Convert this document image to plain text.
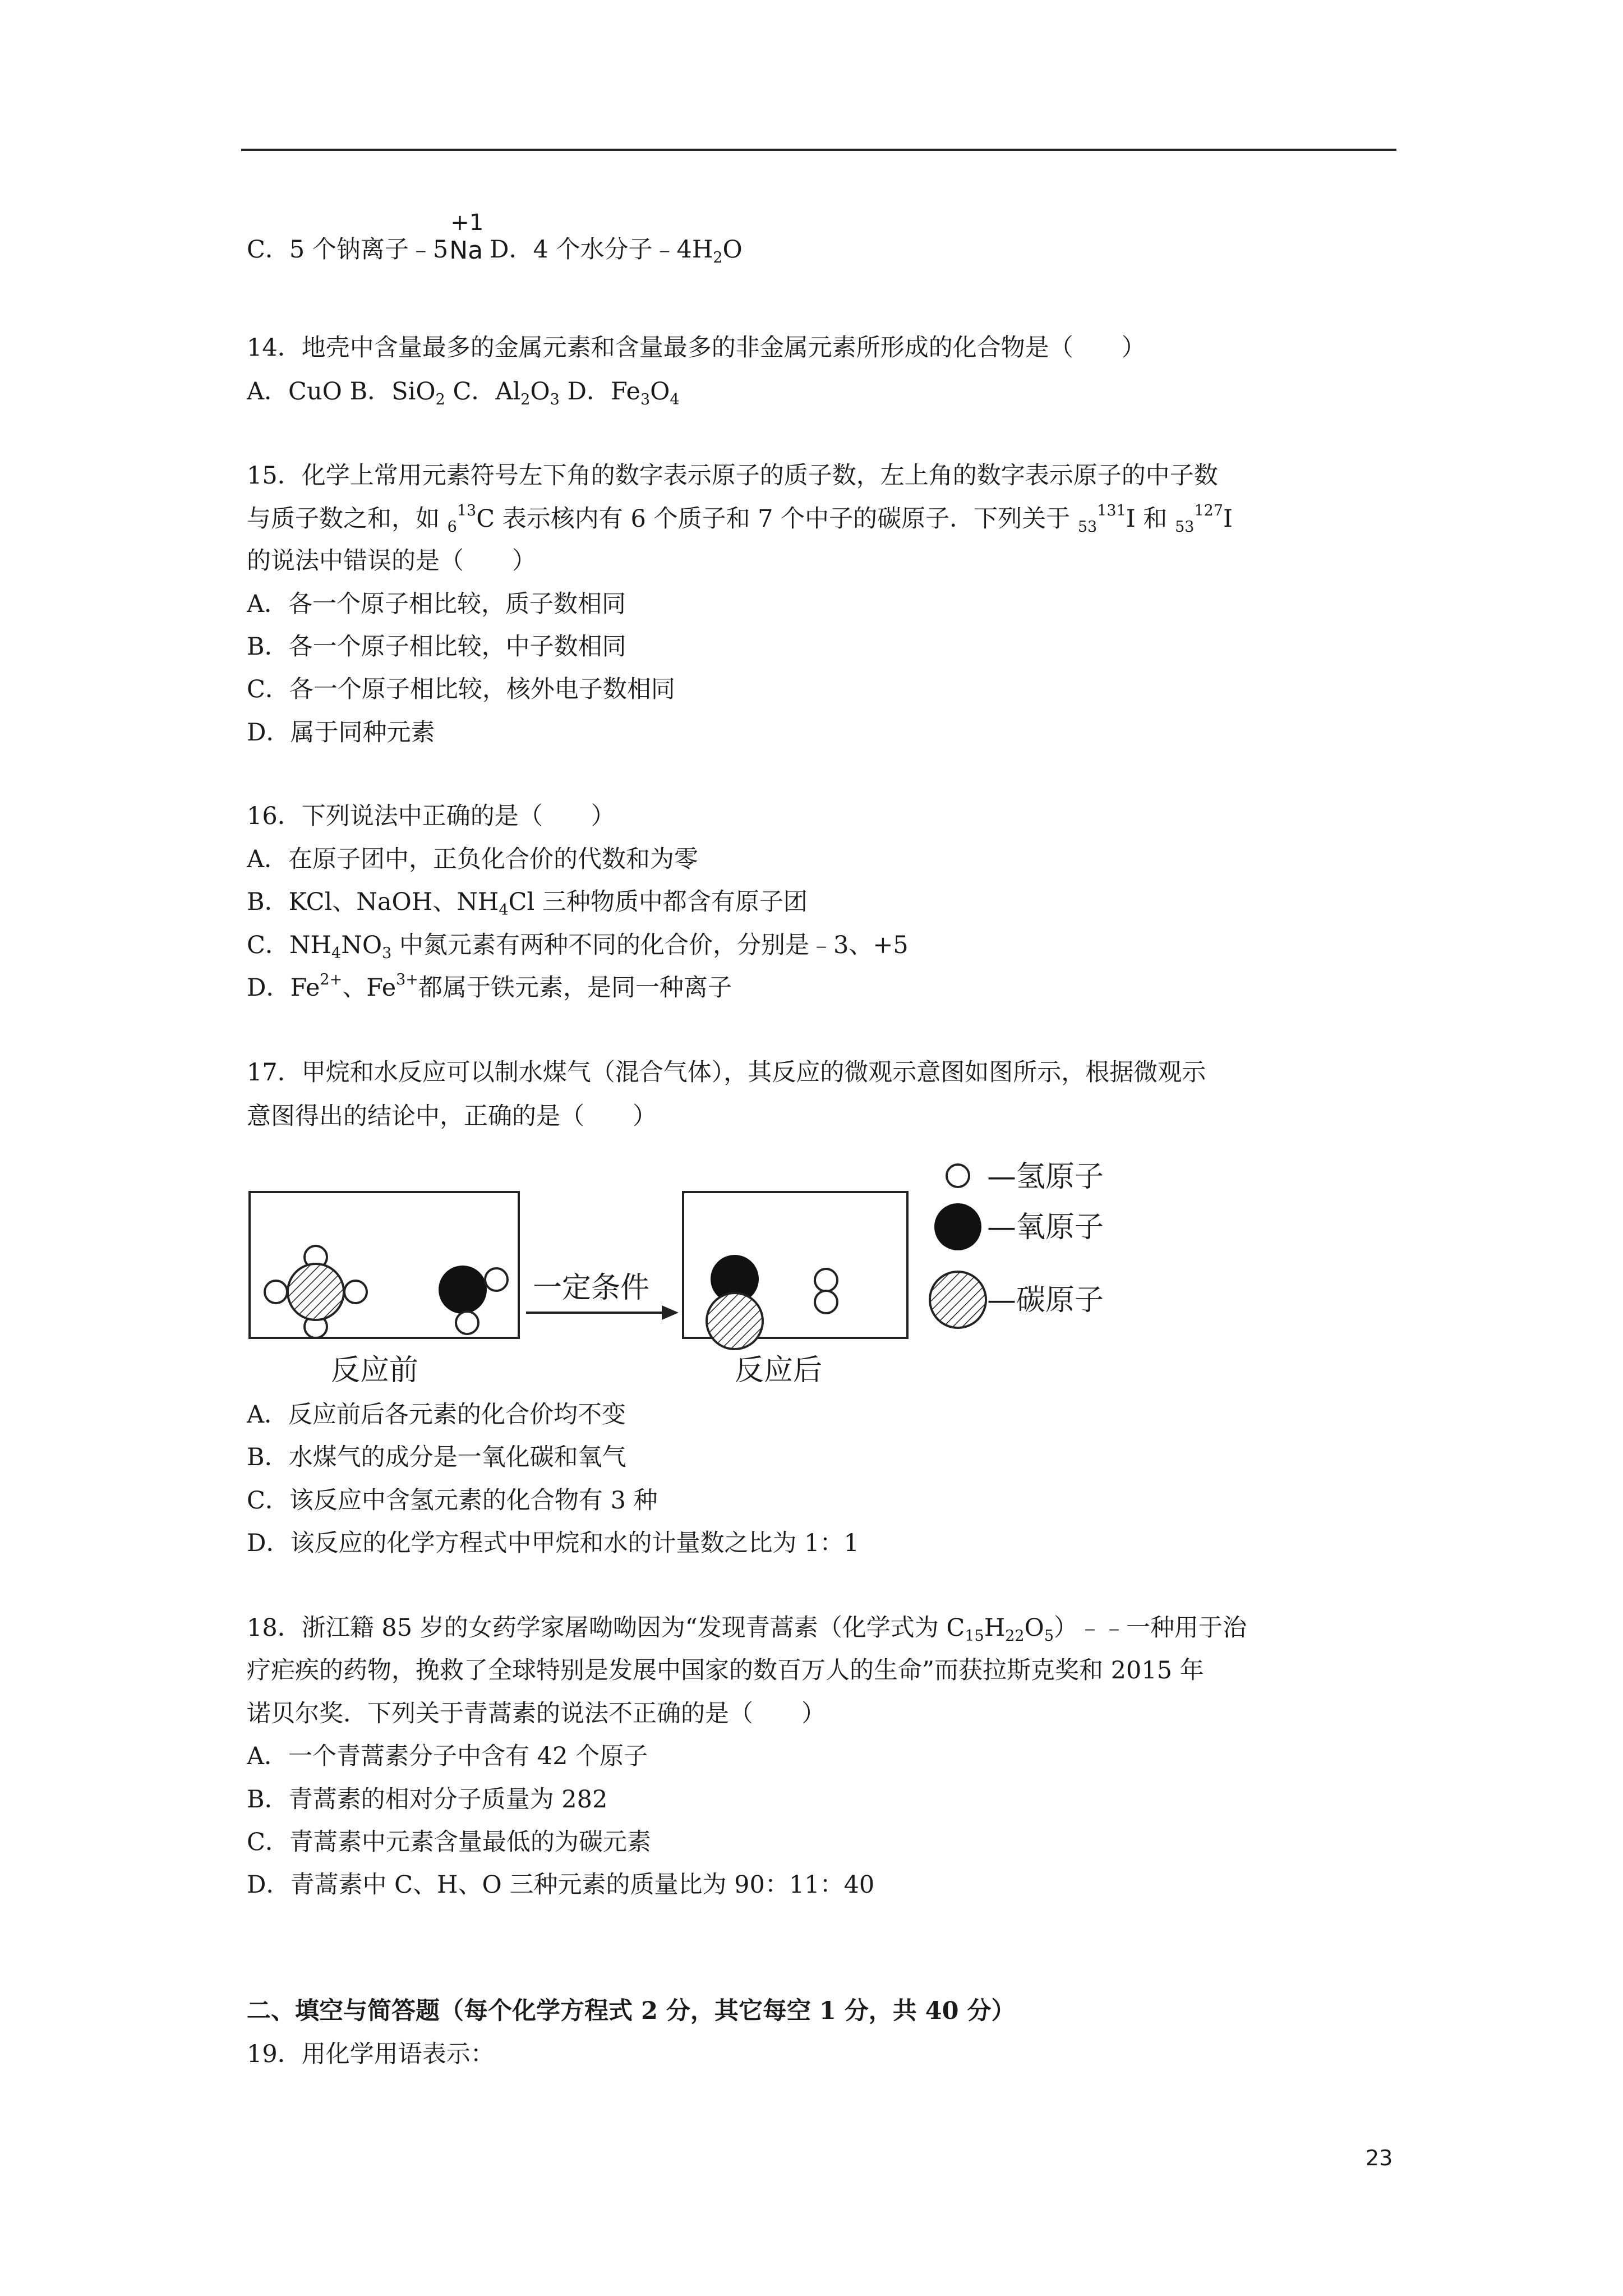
C．5 个钠离子﹣5
+1
Na
D．4 个水分子$﹣4H_2O$
14．地壳中含量最多的金属元素和含量最多的非金属元素所形成的化合物是（　　）
A．CuO B．SiO$_2$ C．$Al_2O_3$ D．$Fe_3O_4$
15．化学上常用元素符号左下角的数字表示原子的质子数，左上角的数字表示原子的中子数
与质子数之和，如 $_6^{13}$C 表示核内有 6 个质子和 7 个中子的碳原子．下列关于 $_{53}^{131}$I 和 $_{53}^{127}$I
的说法中错误的是（　　）
A．各一个原子相比较，质子数相同
B．各一个原子相比较，中子数相同
C．各一个原子相比较，核外电子数相同
D．属于同种元素
16．下列说法中正确的是（　　）
A．在原子团中，正负化合价的代数和为零
B．KCl、NaOH、$NH_4Cl$ 三种物质中都含有原子团
C．$NH_4NO_3$ 中氮元素有两种不同的化合价，分别是﹣3、+5
D．$Fe^{2+}$、$Fe^{3+}$都属于铁元素，是同一种离子
17．甲烷和水反应可以制水煤气（混合气体），其反应的微观示意图如图所示，根据微观示
意图得出的结论中，正确的是（　　）
反应前
一定条件
反应后
—氢原子
—氧原子
—碳原子
A．反应前后各元素的化合价均不变
B．水煤气的成分是一氧化碳和氧气
C．该反应中含氢元素的化合物有 3 种
D．该反应的化学方程式中甲烷和水的计量数之比为 1：1
18．浙江籍 85 岁的女药学家屠呦呦因为“发现青蒿素（化学式为 $C_{15}H_{22}O_5)﹣﹣$一种用于治
疗疟疾的药物，挽救了全球特别是发展中国家的数百万人的生命”而获拉斯克奖和 2015 年
诺贝尔奖．下列关于青蒿素的说法不正确的是（　　）
A．一个青蒿素分子中含有 42 个原子
B．青蒿素的相对分子质量为 282
C．青蒿素中元素含量最低的为碳元素
D．青蒿素中 C、H、O 三种元素的质量比为 90：11：40
二、填空与简答题（每个化学方程式 2 分，其它每空 1 分，共 40 分）
19．用化学用语表示：
23
